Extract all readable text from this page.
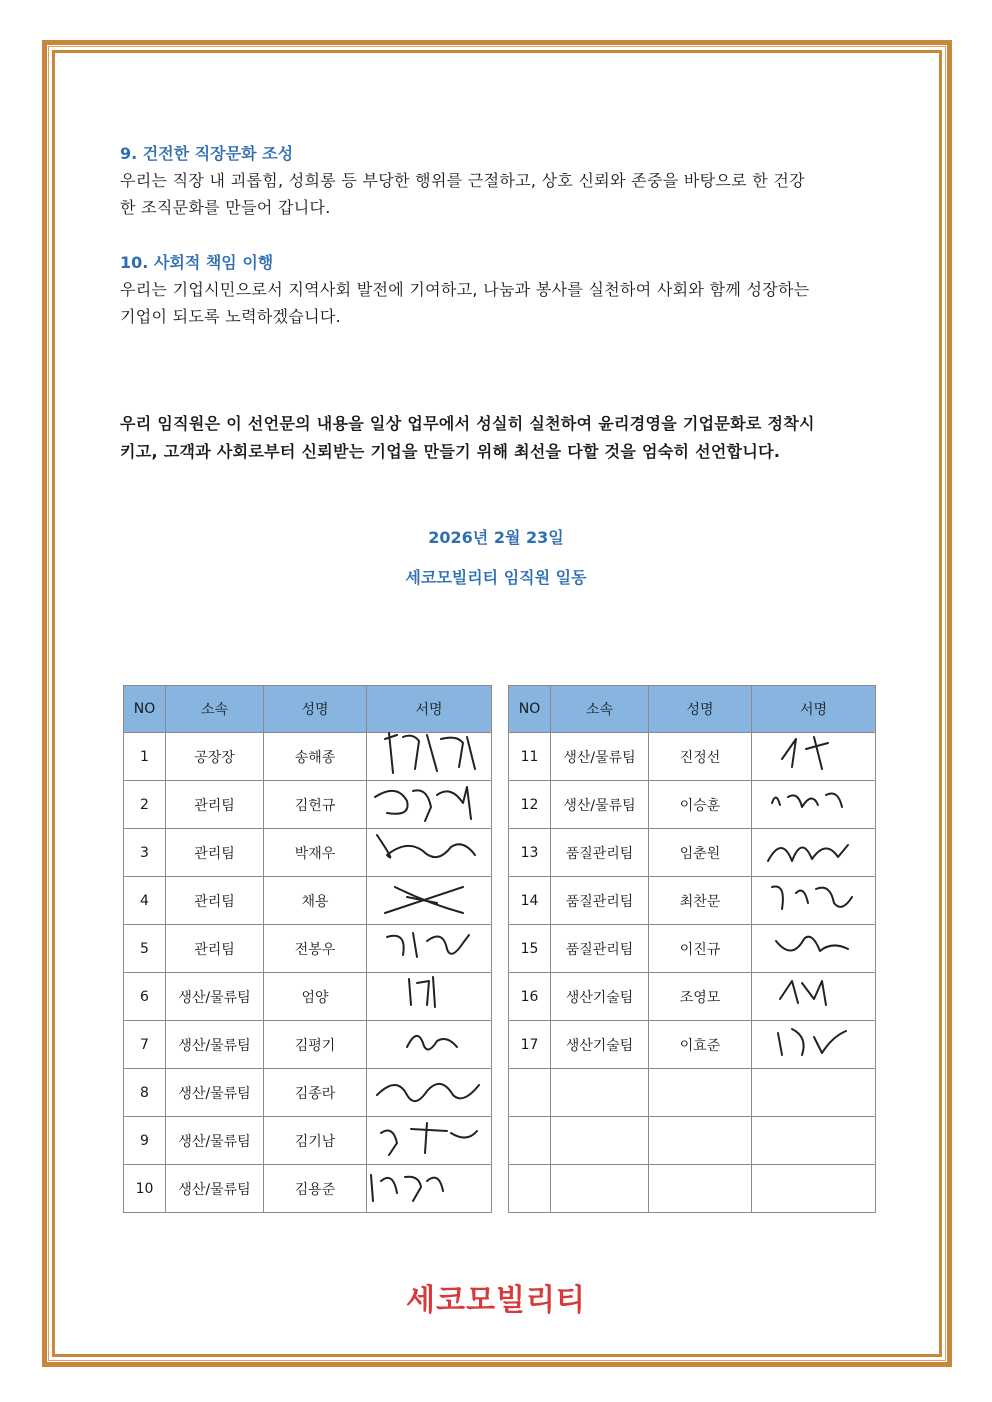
9. 건전한 직장문화 조성
우리는 직장 내 괴롭힘, 성희롱 등 부당한 행위를 근절하고, 상호 신뢰와 존중을 바탕으로 한 건강
한 조직문화를 만들어 갑니다.
10. 사회적 책임 이행
우리는 기업시민으로서 지역사회 발전에 기여하고, 나눔과 봉사를 실천하여 사회와 함께 성장하는
기업이 되도록 노력하겠습니다.
우리 임직원은 이 선언문의 내용을 일상 업무에서 성실히 실천하여 윤리경영을 기업문화로 정착시
키고, 고객과 사회로부터 신뢰받는 기업을 만들기 위해 최선을 다할 것을 엄숙히 선언합니다.
2026년 2월 23일
세코모빌리티 임직원 일동
NO	소속	성명	서명
1	공장장	송해종	

2	관리팀	김헌규	

3	관리팀	박재우	

4	관리팀	채용	

5	관리팀	전봉우	

6	생산/물류팀	엄양	

7	생산/물류팀	김평기	

8	생산/물류팀	김종라	

9	생산/물류팀	김기남	

10	생산/물류팀	김용준	
NO	소속	성명	서명
11	생산/물류팀	진정선	

12	생산/물류팀	이승훈	

13	품질관리팀	임춘원	

14	품질관리팀	최찬문	

15	품질관리팀	이진규	

16	생산기술팀	조영모	

17	생산기술팀	이효준	

세코모빌리티
